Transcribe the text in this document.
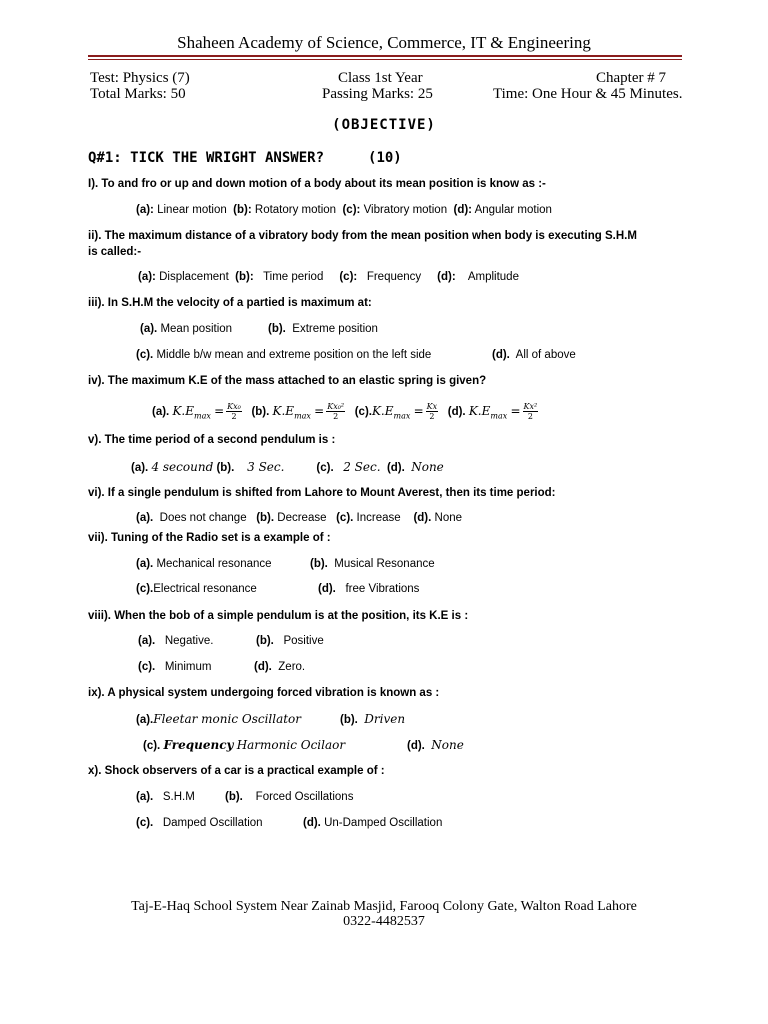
Shaheen Academy of Science, Commerce, IT & Engineering
Test: Physics (7)	Class 1st Year	Chapter # 7
Total Marks: 50	Passing Marks: 25	Time: One Hour & 45 Minutes.
(OBJECTIVE)
Q#1: TICK THE WRIGHT ANSWER?	(10)
I). To and fro or up and down motion of a body about its mean position is know as :-
(a): Linear motion (b): Rotatory motion (c): Vibratory motion (d): Angular motion
ii). The maximum distance of a vibratory body from the mean position when body is executing S.H.M
is called:-
(a): Displacement (b): Time period (c): Frequency (d): Amplitude
iii). In S.H.M the velocity of a partied is maximum at:
(a). Mean position	(b). Extreme position
(c). Middle b/w mean and extreme position on the left side	(d). All of above
iv). The maximum K.E of the mass attached to an elastic spring is given?
(a). $K.E_{max} = \frac{\text{Kx₀}}{2} (b)$. $K.E_{max} = \frac{\text{Kx₀²}}{2} (c).K.E_{max} = \frac{Kx}{2} (d)$. $K.E_{max} = \frac{\text{Kx²}}{2}$
v). The time period of a second pendulum is :
(a). 4 secound (b). 3 Sec.	(c). 2 Sec. (d). None
vi). If a single pendulum is shifted from Lahore to Mount Averest, then its time period:
(a). Does not change (b). Decrease (c). Increase (d). None
vii). Tuning of the Radio set is a example of :
(a). Mechanical resonance	(b). Musical Resonance
(c).Electrical resonance	(d). free Vibrations
viii). When the bob of a simple pendulum is at the position, its K.E is :
(a). Negative.	(b). Positive
(c). Minimum	(d). Zero.
ix). A physical system undergoing forced vibration is known as :
(a).Fleetar monic Oscillator	(b). Driven
(c). Frequency Harmonic Ocilaor	(d). None
x). Shock observers of a car is a practical example of :
(a). S.H.M	(b). Forced Oscillations
(c). Damped Oscillation	(d). Un-Damped Oscillation
Taj-E-Haq School System Near Zainab Masjid, Farooq Colony Gate, Walton Road Lahore
0322-4482537
